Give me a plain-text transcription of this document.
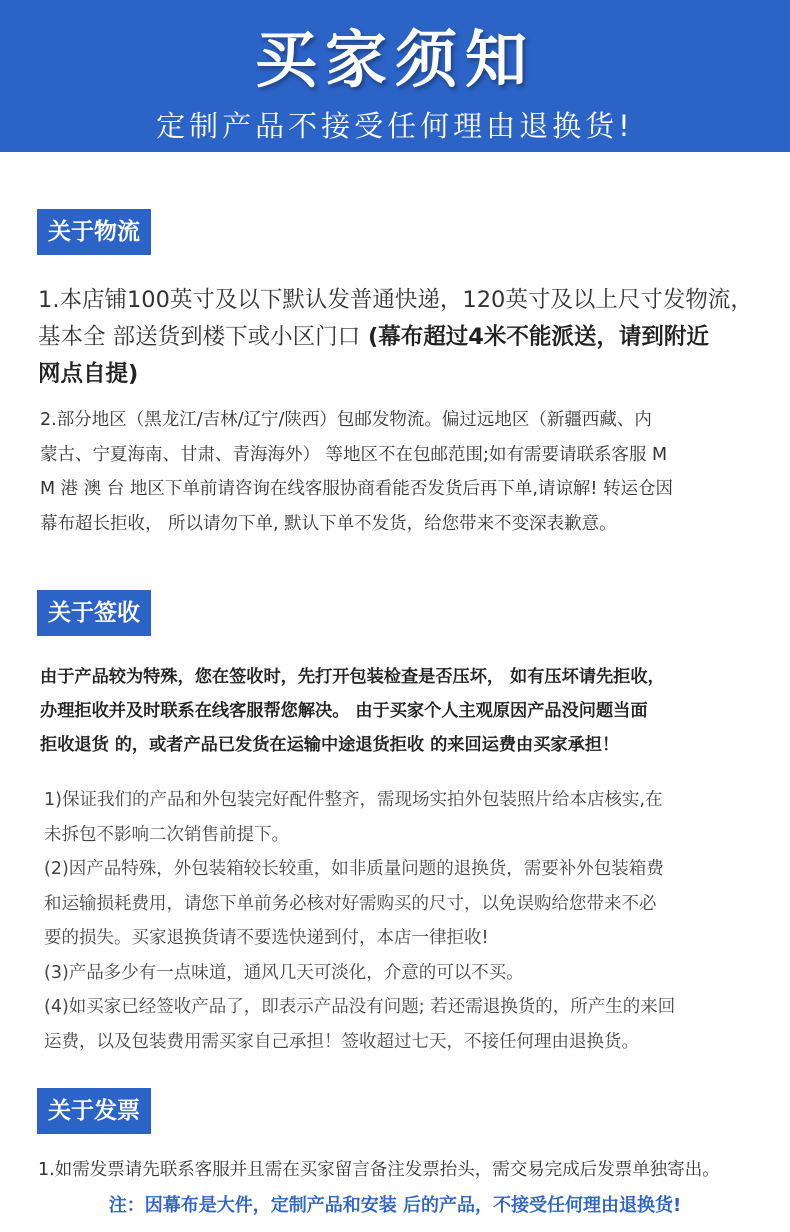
买家须知
定制产品不接受任何理由退换货!
关于物流
1.本店铺100英寸及以下默认发普通快递，120英寸及以上尺寸发物流，
基本全 部送货到楼下或小区门口 (幕布超过4米不能派送，请到附近
网点自提)
2.部分地区（黑龙江/吉林/辽宁/陕西）包邮发物流。偏过远地区（新疆西藏、内
蒙古、宁夏海南、甘肃、青海海外） 等地区不在包邮范围;如有需要请联系客服 M
M 港 澳 台 地区下单前请咨询在线客服协商看能否发货后再下单,请谅解! 转运仓因
幕布超长拒收， 所以请勿下单, 默认下单不发货，给您带来不变深表歉意。
关于签收
由于产品较为特殊，您在签收时，先打开包装检查是否压坏， 如有压坏请先拒收，
办理拒收并及时联系在线客服帮您解决。 由于买家个人主观原因产品没问题当面
拒收退货 的，或者产品已发货在运输中途退货拒收 的来回运费由买家承担！
1)保证我们的产品和外包装完好配件整齐，需现场实拍外包装照片给本店核实,在
未拆包不影响二次销售前提下。
(2)因产品特殊，外包装箱较长较重，如非质量问题的退换货，需要补外包装箱费
和运输损耗费用，请您下单前务必核对好需购买的尺寸，以免误购给您带来不必
要的损失。买家退换货请不要选快递到付，本店一律拒收!
(3)产品多少有一点味道，通风几天可淡化，介意的可以不买。
(4)如买家已经签收产品了，即表示产品没有问题; 若还需退换货的，所产生的来回
运费，以及包装费用需买家自己承担！签收超过七天，不接任何理由退换货。
关于发票
1.如需发票请先联系客服并且需在买家留言备注发票抬头，需交易完成后发票单独寄出。
注：因幕布是大件，定制产品和安装 后的产品，不接受任何理由退换货!
